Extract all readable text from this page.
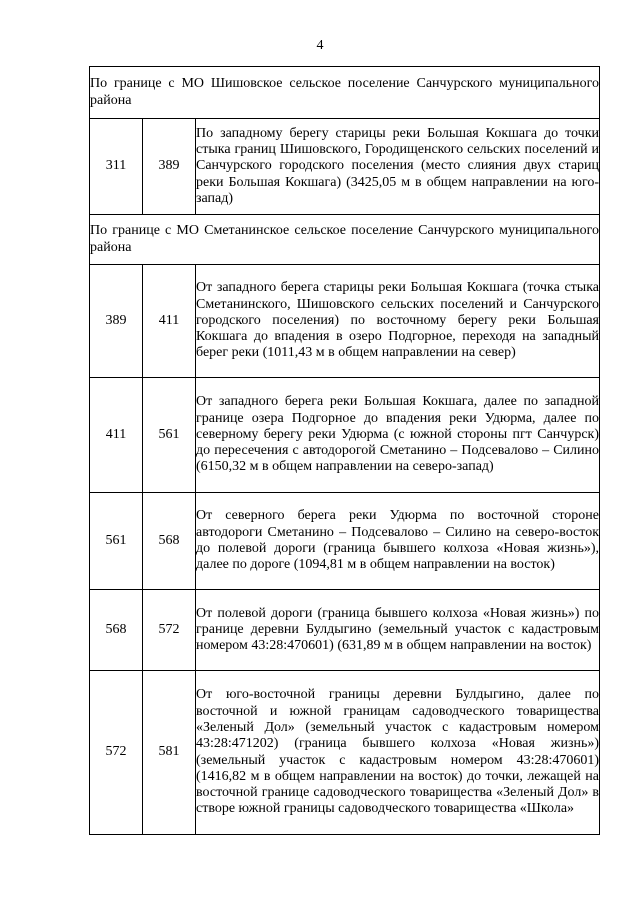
4
По границе с МО Шишовское сельское поселение Санчурского муниципального района		
311	389	По западному берегу старицы реки Большая Кокшага до точки стыка границ Шишовского, Городищенского сельских поселений и Санчурского городского поселения (место слияния двух стариц реки Большая Кокшага) (3425,05 м в общем направлении на юго-запад)
По границе с МО Сметанинское сельское поселение Санчурского муниципального района		
389	411	От западного берега старицы реки Большая Кокшага (точка стыка Сметанинского, Шишовского сельских поселений и Санчурского городского поселения) по восточному берегу реки Большая Кокшага до впадения в озеро Подгорное, переходя на западный берег реки (1011,43 м в общем направлении на север)
411	561	От западного берега реки Большая Кокшага, далее по западной границе озера Подгорное до впадения реки Удюрма, далее по северному берегу реки Удюрма (с южной стороны пгт Санчурск) до пересечения с автодорогой Сметанино – Подсевалово – Силино (6150,32 м в общем направлении на северо-запад)
561	568	От северного берега реки Удюрма по восточной стороне автодороги Сметанино – Подсевалово – Силино на северо-восток до полевой дороги (граница бывшего колхоза «Новая жизнь»), далее по дороге (1094,81 м в общем направлении на восток)
568	572	От полевой дороги (граница бывшего колхоза «Новая жизнь») по границе деревни Булдыгино (земельный участок с кадастровым номером 43:28:470601) (631,89 м в общем направлении на восток)
572	581	От юго-восточной границы деревни Булдыгино, далее по восточной и южной границам садоводческого товарищества «Зеленый Дол» (земельный участок с кадастровым номером 43:28:471202) (граница бывшего колхоза «Новая жизнь») (земельный участок с кадастровым номером 43:28:470601) (1416,82 м в общем направлении на восток) до точки, лежащей на восточной границе садоводческого товарищества «Зеленый Дол» в створе южной границы садоводческого товарищества «Школа»
